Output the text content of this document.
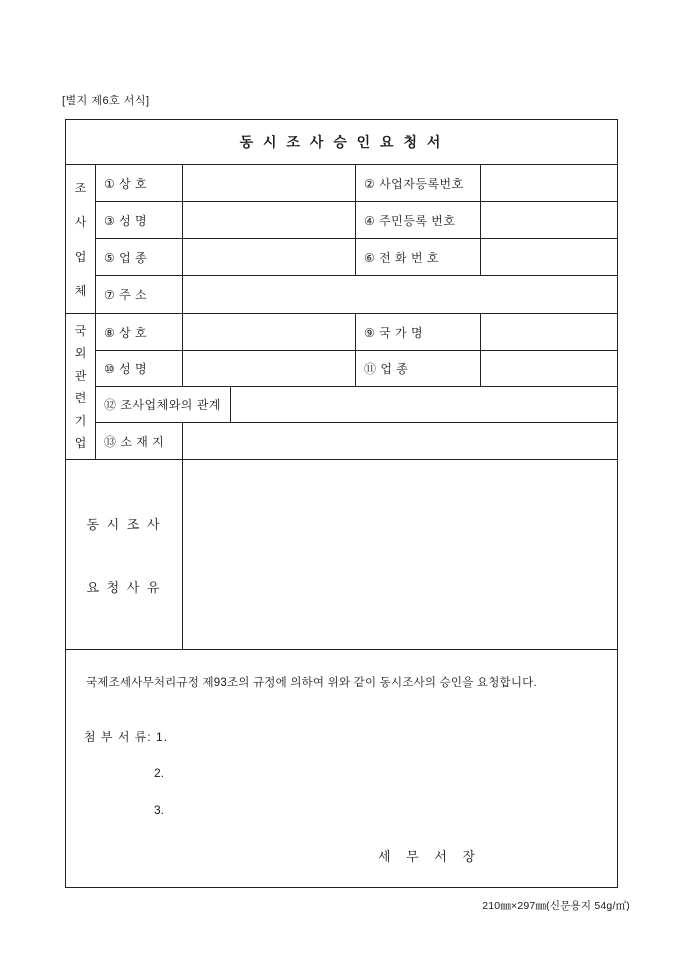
[별지 제6호 서식]
동 시 조 사 승 인 요 청 서
조
사
업
체
① 상 호	② 사업자등록번호
③ 성 명	④ 주민등록 번호
⑤ 업 종	⑥ 전 화 번 호
⑦ 주 소
국
외
관
련
기
업
⑧ 상 호	⑨ 국 가 명
⑩ 성 명	⑪ 업 종
⑫ 조사업체와의 관계
⑬ 소 재 지
동 시 조 사
요 청 사 유
국제조세사무처리규정 제93조의 규정에 의하여 위와 같이 동시조사의 승인을 요청합니다.
첨 부 서 류: 1.
2.
3.
세 무 서 장
210㎜×297㎜(신문용지 54g/㎡)
